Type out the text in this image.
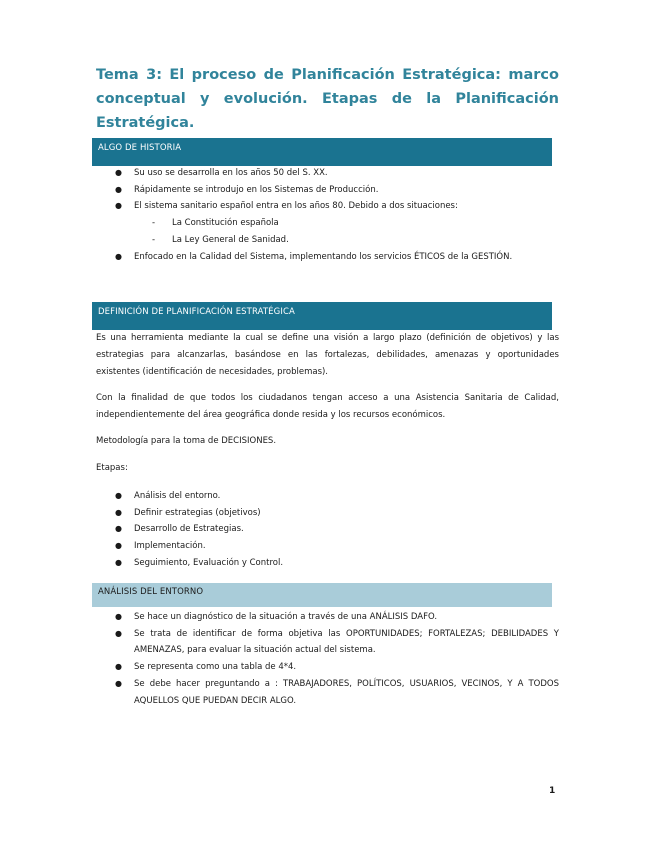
Tema 3: El proceso de Planificación Estratégica: marco conceptual y evolución. Etapas de la Planificación Estratégica.
ALGO DE HISTORIA
● Su uso se desarrolla en los años 50 del S. XX.
● Rápidamente se introdujo en los Sistemas de Producción.
● El sistema sanitario español entra en los años 80. Debido a dos situaciones:
- La Constitución española
- La Ley General de Sanidad.
● Enfocado en la Calidad del Sistema, implementando los servicios ÉTICOS de la GESTIÓN.
DEFINICIÓN DE PLANIFICACIÓN ESTRATÉGICA

Es una herramienta mediante la cual se define una visión a largo plazo (definición de objetivos) y las estrategias para alcanzarlas, basándose en las fortalezas, debilidades, amenazas y oportunidades existentes (identificación de necesidades, problemas).

Con la finalidad de que todos los ciudadanos tengan acceso a una Asistencia Sanitaria de Calidad, independientemente del área geográfica donde resida y los recursos económicos.

Metodología para la toma de DECISIONES.

Etapas:

● Análisis del entorno.
● Definir estrategias (objetivos)
● Desarrollo de Estrategias.
● Implementación.
● Seguimiento, Evaluación y Control.
ANÁLISIS DEL ENTORNO
● Se hace un diagnóstico de la situación a través de una ANÁLISIS DAFO.
● Se trata de identificar de forma objetiva las OPORTUNIDADES; FORTALEZAS; DEBILIDADES Y AMENAZAS, para evaluar la situación actual del sistema.
● Se representa como una tabla de 4*4.
● Se debe hacer preguntando a : TRABAJADORES, POLÍTICOS, USUARIOS, VECINOS, Y A TODOS AQUELLOS QUE PUEDAN DECIR ALGO.
1
